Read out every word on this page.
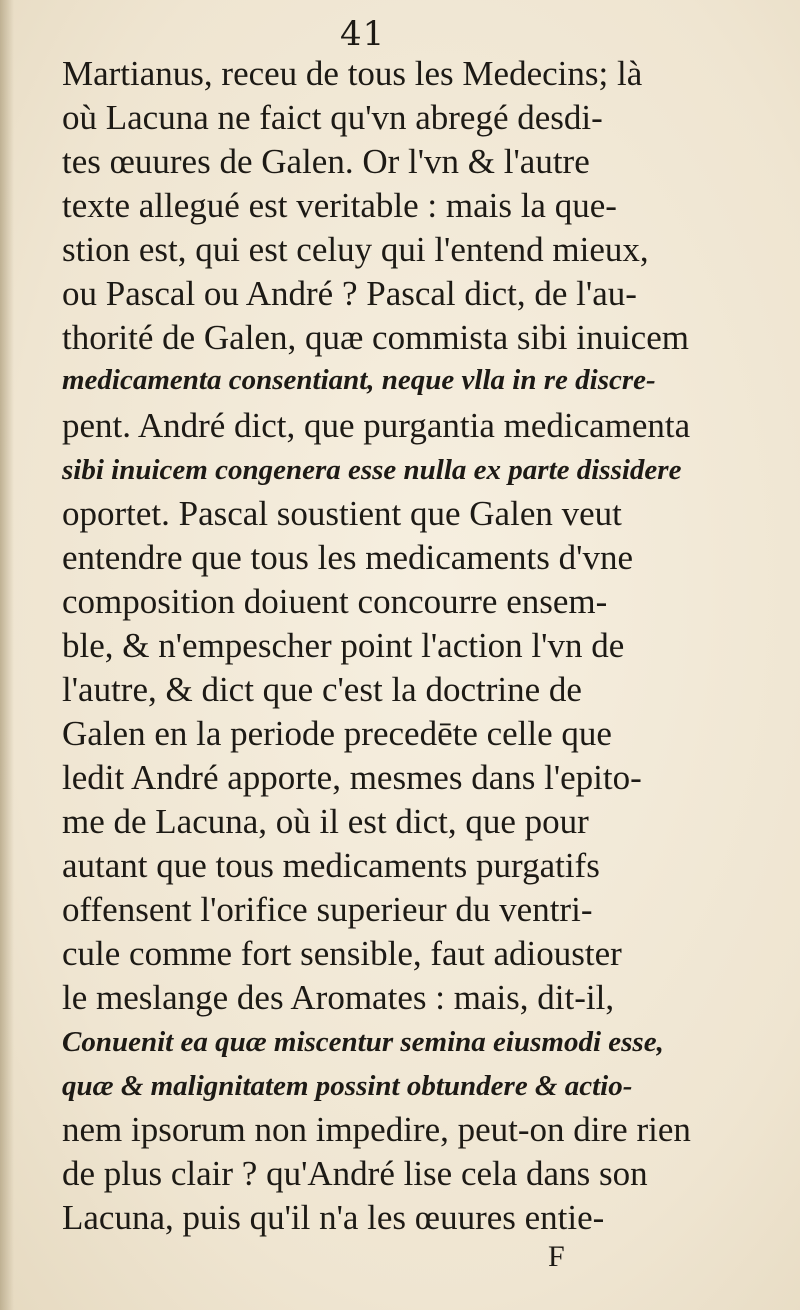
41
Martianus, receu de tous les Medecins; là
où Lacuna ne faict qu'vn abregé desdi-
tes œuures de Galen. Or l'vn & l'autre
texte allegué est veritable : mais la que-
stion est, qui est celuy qui l'entend mieux,
ou Pascal ou André ? Pascal dict, de l'au-
thorité de Galen, quæ commista sibi inuicem
medicamenta consentiant, neque vlla in re discre-
pent. André dict, que purgantia medicamenta
sibi inuicem congenera esse nulla ex parte dissidere
oportet. Pascal soustient que Galen veut
entendre que tous les medicaments d'vne
composition doiuent concourre ensem-
ble, & n'empescher point l'action l'vn de
l'autre, & dict que c'est la doctrine de
Galen en la periode precedēte celle que
ledit André apporte, mesmes dans l'epito-
me de Lacuna, où il est dict, que pour
autant que tous medicaments purgatifs
offensent l'orifice superieur du ventri-
cule comme fort sensible, faut adiouster
le meslange des Aromates : mais, dit-il,
Conuenit ea quæ miscentur semina eiusmodi esse,
quæ & malignitatem possint obtundere & actio-
nem ipsorum non impedire, peut-on dire rien
de plus clair ? qu'André lise cela dans son
Lacuna, puis qu'il n'a les œuures entie-
F
